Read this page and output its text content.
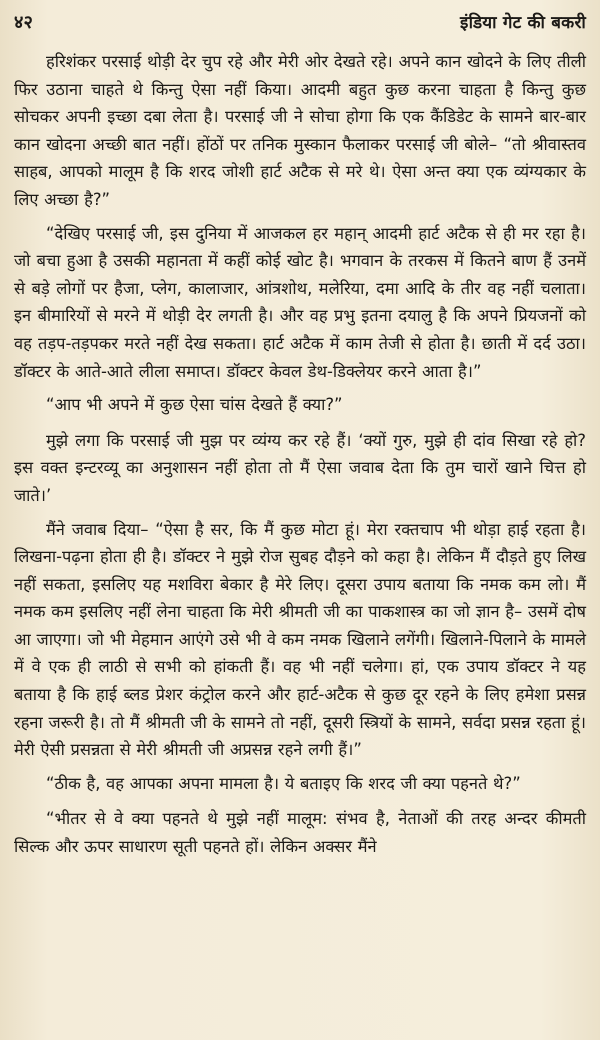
४२	इंडिया गेट की बकरी

हरिशंकर परसाई थोड़ी देर चुप रहे और मेरी ओर देखते रहे। अपने कान खोदने के लिए तीली फिर उठाना चाहते थे किन्तु ऐसा नहीं किया। आदमी बहुत कुछ करना चाहता है किन्तु कुछ सोचकर अपनी इच्छा दबा लेता है। परसाई जी ने सोचा होगा कि एक कैंडिडेट के सामने बार-बार कान खोदना अच्छी बात नहीं। होंठों पर तनिक मुस्कान फैलाकर परसाई जी बोले– “तो श्रीवास्तव साहब, आपको मालूम है कि शरद जोशी हार्ट अटैक से मरे थे। ऐसा अन्त क्या एक व्यंग्यकार के लिए अच्छा है?”

“देखिए परसाई जी, इस दुनिया में आजकल हर महान् आदमी हार्ट अटैक से ही मर रहा है। जो बचा हुआ है उसकी महानता में कहीं कोई खोट है। भगवान के तरकस में कितने बाण हैं उनमें से बड़े लोगों पर हैजा, प्लेग, कालाजार, आंत्रशोथ, मलेरिया, दमा आदि के तीर वह नहीं चलाता। इन बीमारियों से मरने में थोड़ी देर लगती है। और वह प्रभु इतना दयालु है कि अपने प्रियजनों को वह तड़प-तड़पकर मरते नहीं देख सकता। हार्ट अटैक में काम तेजी से होता है। छाती में दर्द उठा। डॉक्टर के आते-आते लीला समाप्त। डॉक्टर केवल डेथ-डिक्लेयर करने आता है।”

“आप भी अपने में कुछ ऐसा चांस देखते हैं क्या?”

मुझे लगा कि परसाई जी मुझ पर व्यंग्य कर रहे हैं। ‘क्यों गुरु, मुझे ही दांव सिखा रहे हो? इस वक्त इन्टरव्यू का अनुशासन नहीं होता तो मैं ऐसा जवाब देता कि तुम चारों खाने चित्त हो जाते।’

मैंने जवाब दिया– “ऐसा है सर, कि मैं कुछ मोटा हूं। मेरा रक्तचाप भी थोड़ा हाई रहता है। लिखना-पढ़ना होता ही है। डॉक्टर ने मुझे रोज सुबह दौड़ने को कहा है। लेकिन मैं दौड़ते हुए लिख नहीं सकता, इसलिए यह मशविरा बेकार है मेरे लिए। दूसरा उपाय बताया कि नमक कम लो। मैं नमक कम इसलिए नहीं लेना चाहता कि मेरी श्रीमती जी का पाकशास्त्र का जो ज्ञान है– उसमें दोष आ जाएगा। जो भी मेहमान आएंगे उसे भी वे कम नमक खिलाने लगेंगी। खिलाने-पिलाने के मामले में वे एक ही लाठी से सभी को हांकती हैं। वह भी नहीं चलेगा। हां, एक उपाय डॉक्टर ने यह बताया है कि हाई ब्लड प्रेशर कंट्रोल करने और हार्ट-अटैक से कुछ दूर रहने के लिए हमेशा प्रसन्न रहना जरूरी है। तो मैं श्रीमती जी के सामने तो नहीं, दूसरी स्त्रियों के सामने, सर्वदा प्रसन्न रहता हूं। मेरी ऐसी प्रसन्नता से मेरी श्रीमती जी अप्रसन्न रहने लगी हैं।”

“ठीक है, वह आपका अपना मामला है। ये बताइए कि शरद जी क्या पहनते थे?”

“भीतर से वे क्या पहनते थे मुझे नहीं मालूम: संभव है, नेताओं की तरह अन्दर कीमती सिल्क और ऊपर साधारण सूती पहनते हों। लेकिन अक्सर मैंने
